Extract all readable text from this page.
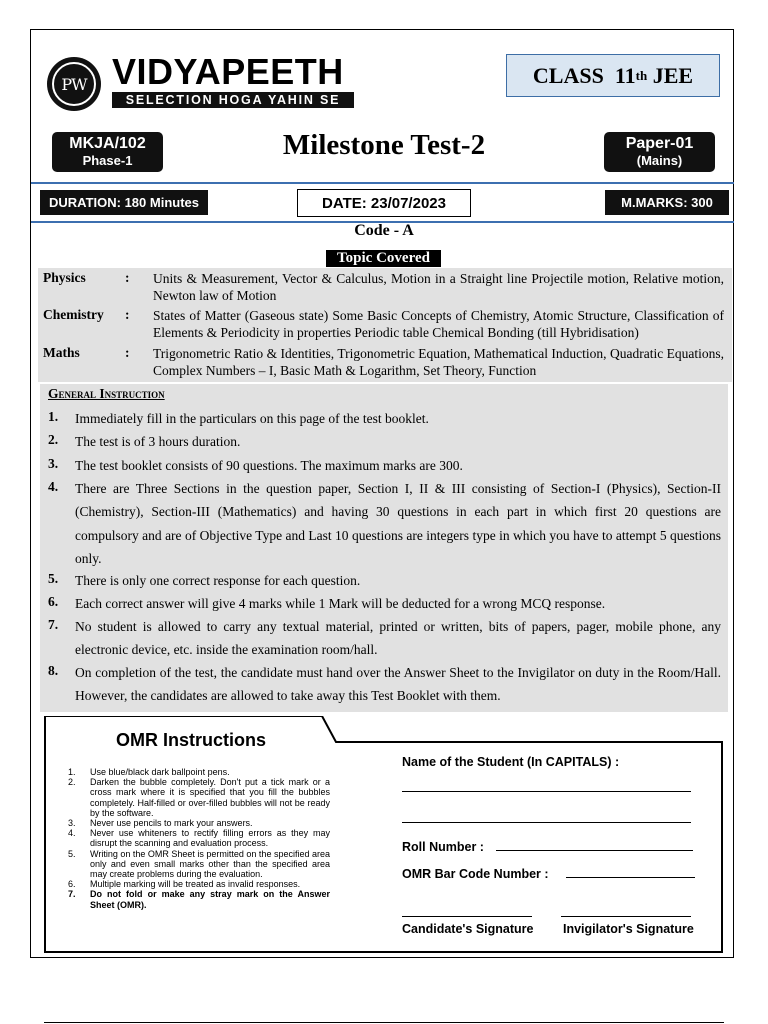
PW VIDYAPEETH
SELECTION HOGA YAHIN SE
CLASS
11 th
JEE
MKJA/102
Phase-1	Milestone Test-2	Paper-01
(Mains)
DURATION: 180 Minutes	DATE: 23/07/2023	M.MARKS: 300
Code - A
Topic Covered
Physics	: Units & Measurement, Vector & Calculus, Motion in a Straight line Projectile motion, Relative motion, Newton law of Motion
Chemistry : States of Matter (Gaseous state) Some Basic Concepts of Chemistry, Atomic Structure, Classification of Elements & Periodicity in properties Periodic table Chemical Bonding (till Hybridisation)
Maths	: Trigonometric Ratio & Identities, Trigonometric Equation, Mathematical Induction, Quadratic Equations, Complex Numbers – I, Basic Math & Logarithm, Set Theory, Function
General Instruction
1. Immediately fill in the particulars on this page of the test booklet.
2. The test is of 3 hours duration.
3. The test booklet consists of 90 questions. The maximum marks are 300.
4.	There are Three Sections in the question paper, Section I, II & III consisting of Section-I (Physics), Section-II (Chemistry), Section-III (Mathematics) and having 30 questions in each part in which first 20 questions are compulsory and are of Objective Type and Last 10 questions are integers type in which you have to attempt 5 questions only.
5. There is only one correct response for each question.
6. Each correct answer will give 4 marks while 1 Mark will be deducted for a wrong MCQ response.
7. No student is allowed to carry any textual material, printed or written, bits of papers, pager, mobile phone, any electronic device, etc. inside the examination room/hall.
8. On completion of the test, the candidate must hand over the Answer Sheet to the Invigilator on duty in the Room/Hall. However, the candidates are allowed to take away this Test Booklet with them.
OMR Instructions
1.	Use blue/black dark ballpoint pens.
2.	Darken the bubble completely. Don't put a tick mark or a cross mark where it is specified that you fill the bubbles completely. Half-filled or over-filled bubbles will not be ready by the software.
3.	Never use pencils to mark your answers.
4.	Never use whiteners to rectify filling errors as they may disrupt the scanning and evaluation process.
5.	Writing on the OMR Sheet is permitted on the specified area only and even small marks other than the specified area may create problems during the evaluation.
6.	Multiple marking will be treated as invalid responses.
7.	Do not fold or make any stray mark on the Answer Sheet (OMR).
Name of the Student (In CAPITALS) :
Roll Number :
OMR Bar Code Number :
Candidate's Signature Invigilator's Signature
